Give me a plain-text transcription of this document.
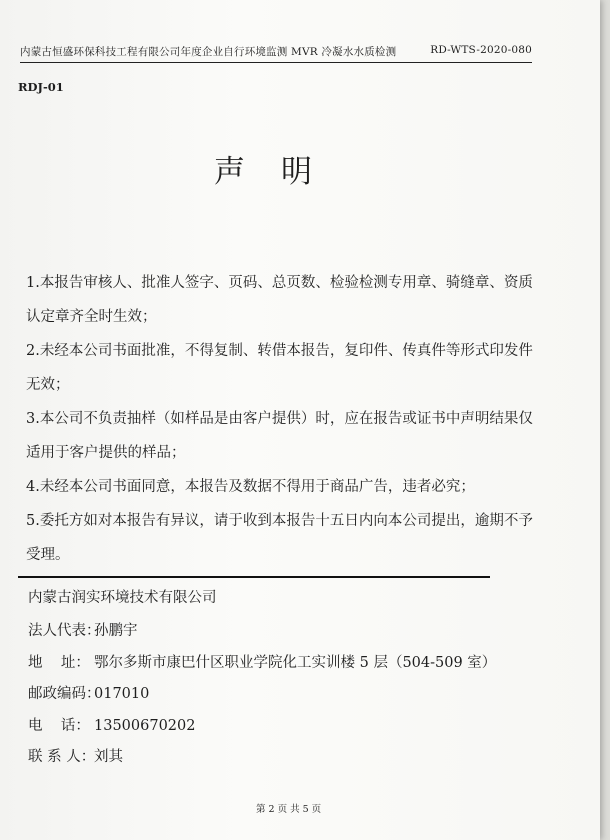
内蒙古恒盛环保科技工程有限公司年度企业自行环境监测 MVR 冷凝水水质检测	RD-WTS-2020-080
RDJ-01
声明

1.本报告审核人、批准人签字、页码、总页数、检验检测专用章、骑缝章、资质

认定章齐全时生效；

2.未经本公司书面批准，不得复制、转借本报告，复印件、传真件等形式印发件

无效；

3.本公司不负责抽样（如样品是由客户提供）时，应在报告或证书中声明结果仅

适用于客户提供的样品；

4.未经本公司书面同意，本报告及数据不得用于商品广告，违者必究；

5.委托方如对本报告有异议，请于收到本报告十五日内向本公司提出，逾期不予

受理。

内蒙古润实环境技术有限公司
法人代表：
孙鹏宇
地    址： 鄂尔多斯市康巴什区职业学院化工实训楼 5 层（504-509 室）
邮政编码：
017010
电    话： 13500670202
联 系 人：
刘其
第 2 页 共 5 页
